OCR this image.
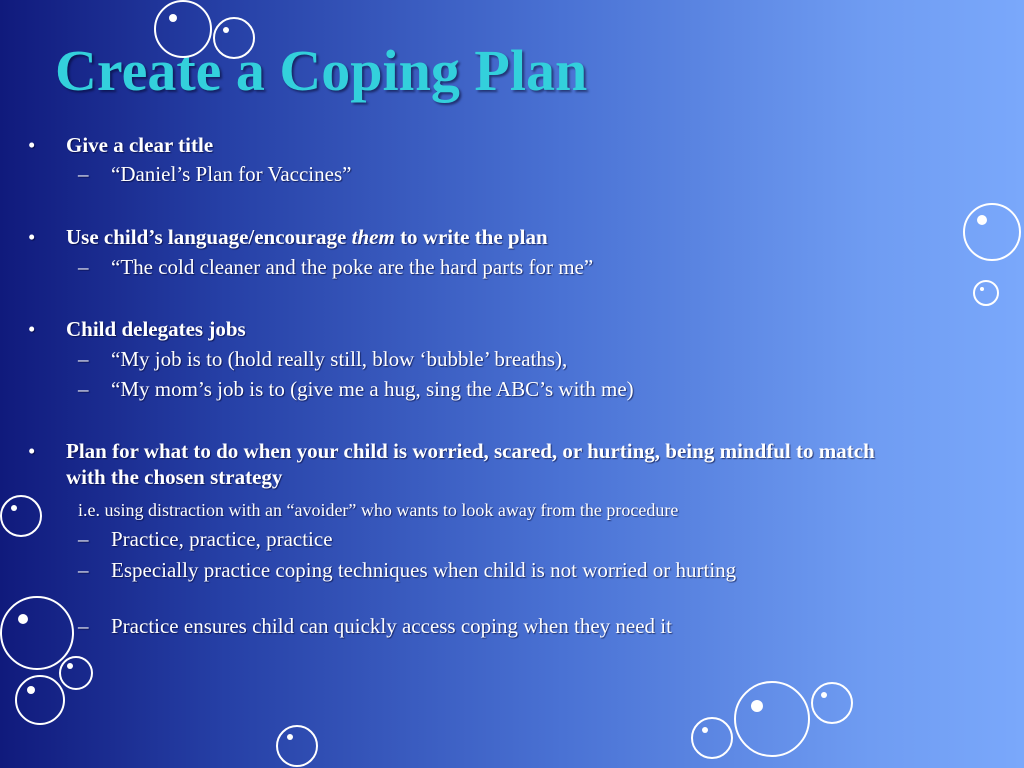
Create a Coping Plan
• Give a clear title
– “Daniel’s Plan for Vaccines”
• Use child’s language/encourage them to write the plan
– “The cold cleaner and the poke are the hard parts for me”
• Child delegates jobs
– “My job is to (hold really still, blow ‘bubble’ breaths),
– “My mom’s job is to (give me a hug, sing the ABC’s with me)
• Plan for what to do when your child is worried, scared, or hurting, being mindful to match with the chosen strategy
i.e. using distraction with an “avoider” who wants to look away from the procedure
– Practice, practice, practice
– Especially practice coping techniques when child is not worried or hurting
– Practice ensures child can quickly access coping when they need it
